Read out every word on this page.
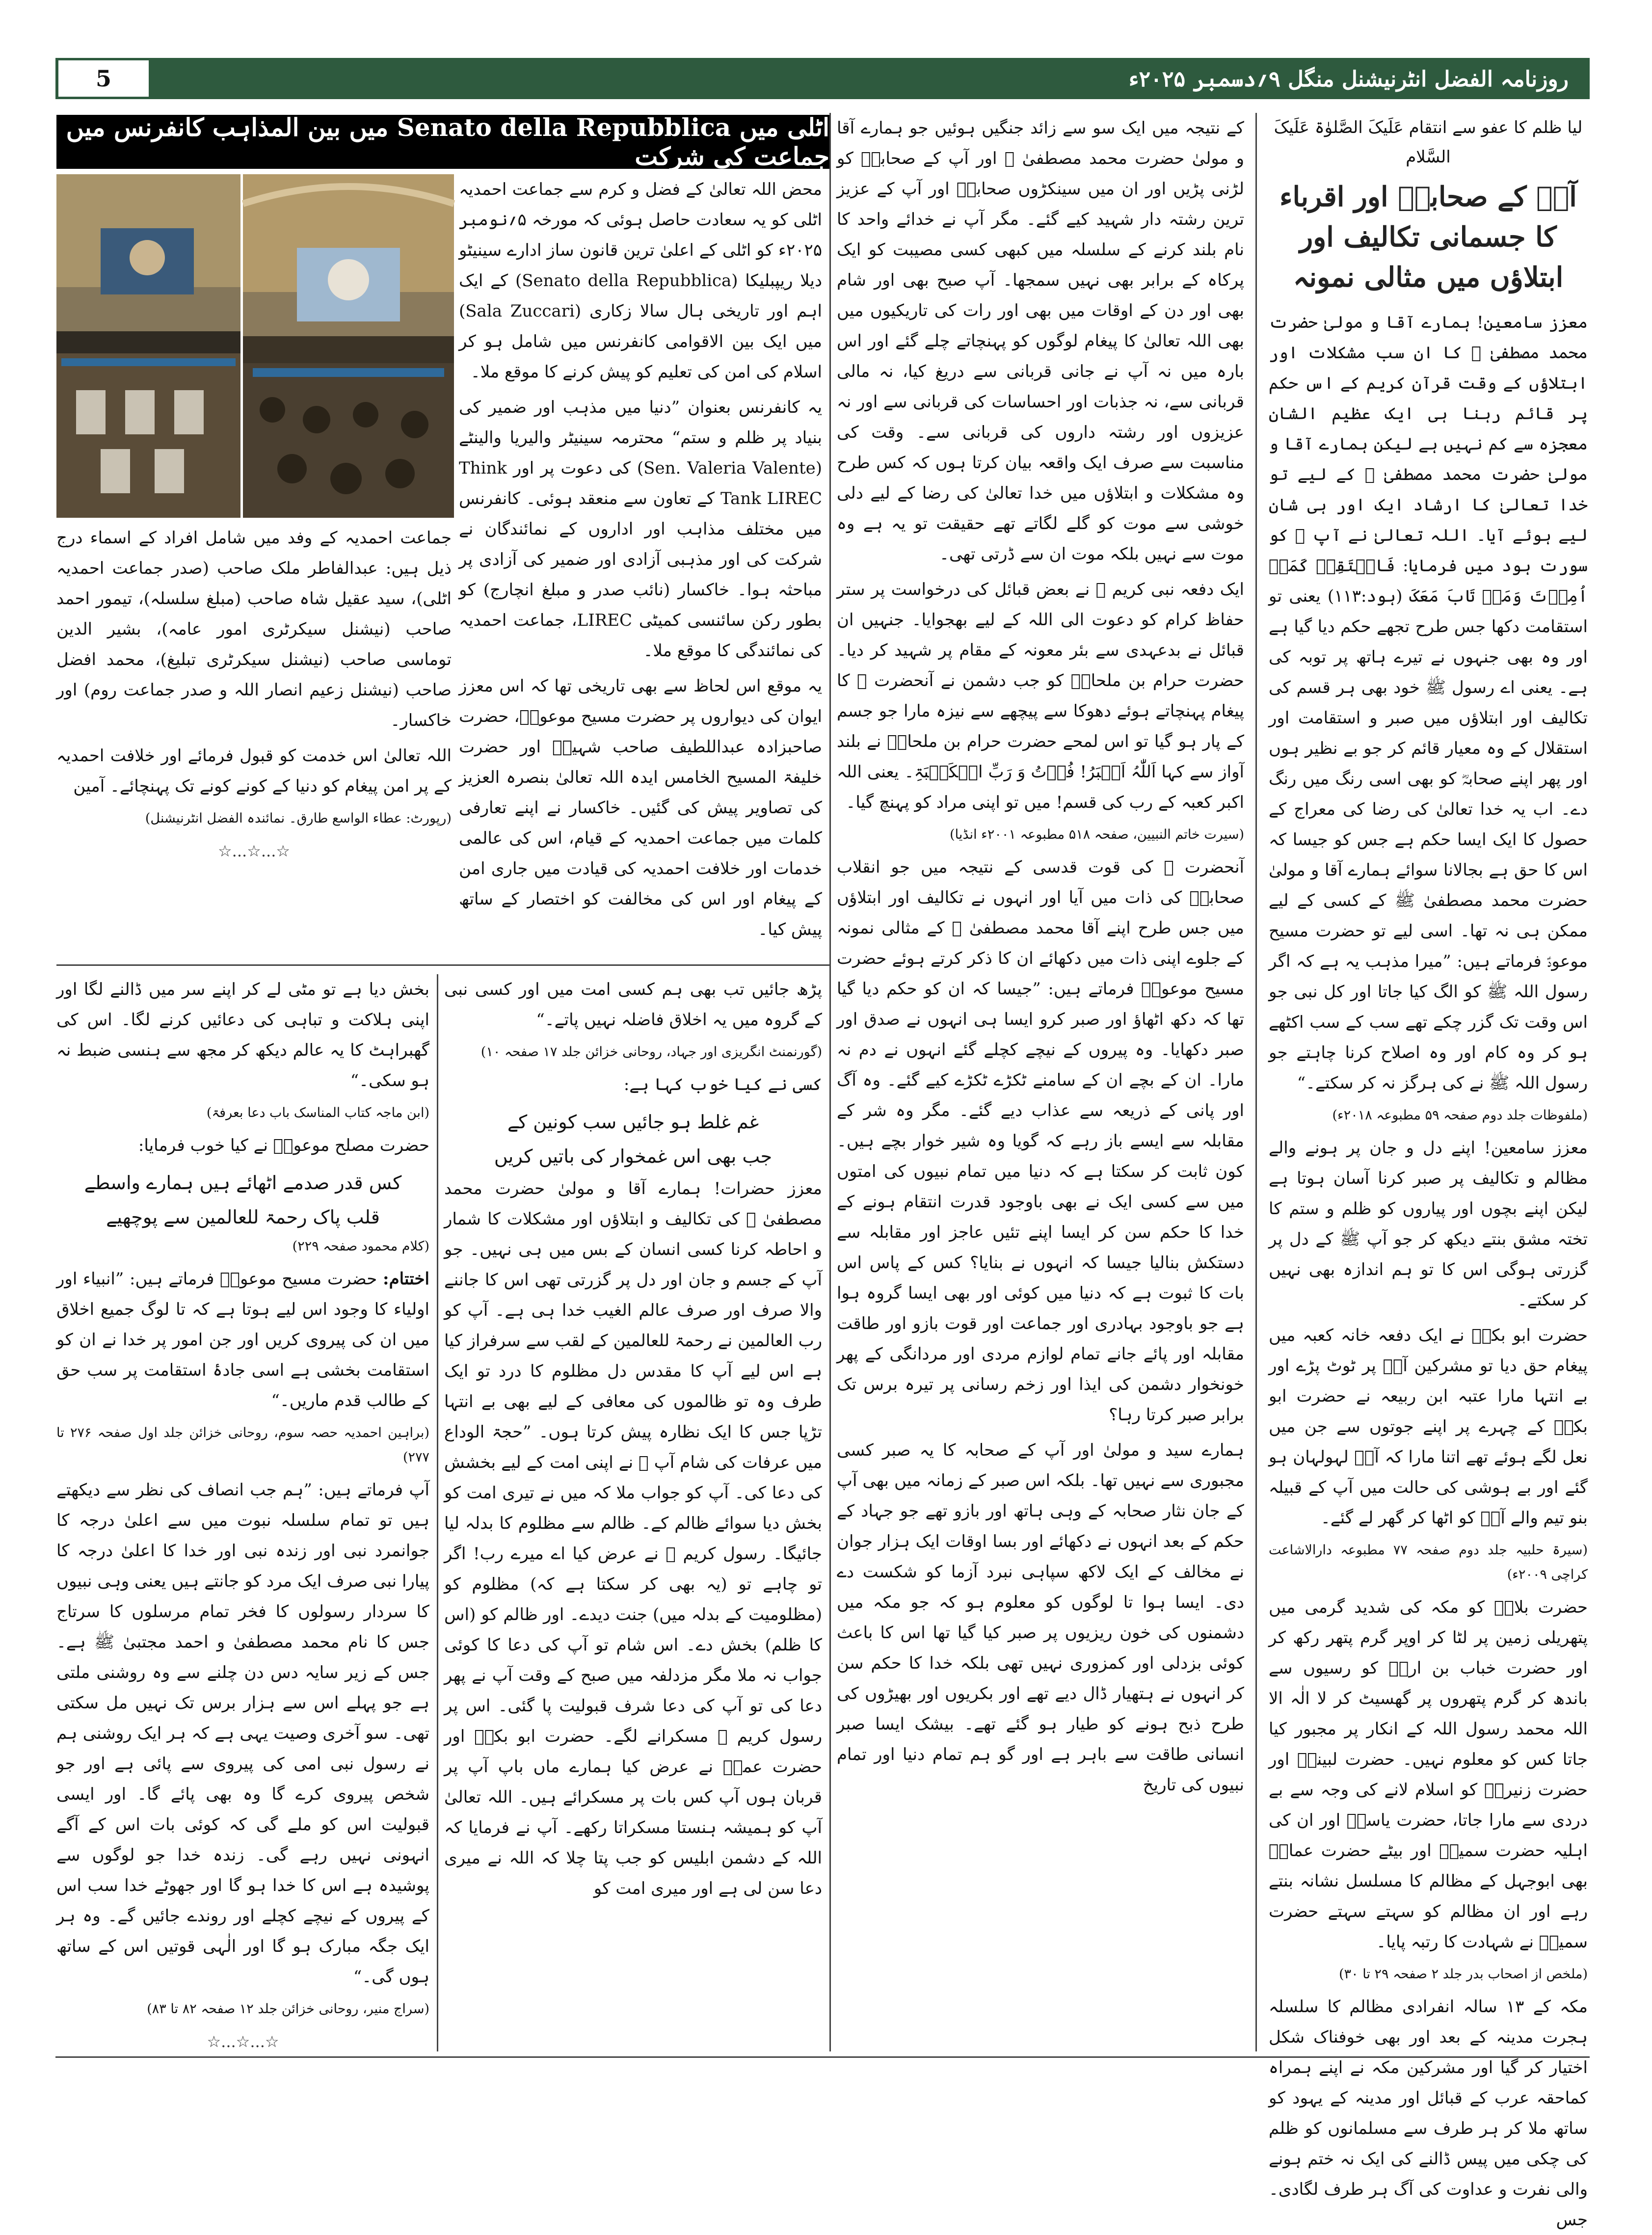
5	روزنامہ الفضل انٹرنیشنل منگل ۹؍دسمبر ۲۰۲۵ء

لیا ظلم کا عفو سے انتقام عَلَیکَ الصَّلوٰۃ عَلَیکَ السَّلام

آپؐ کے صحابہؓ اور اقرباء کا جسمانی تکالیف اور ابتلاؤں میں مثالی نمونہ

معزز سامعین! ہمارے آقا و مولیٰ حضرت محمد مصطفیٰ ﷺ کا ان سب مشکلات اور ابتلاؤں کے وقت قرآن کریم کے اس حکم پر قائم رہنا ہی ایک عظیم الشان معجزہ سے کم نہیں ہے لیکن ہمارے آقا و مولیٰ حضرت محمد مصطفیٰ ﷺ کے لیے تو خدا تعالیٰ کا ارشاد ایک اور ہی شان لیے ہوئے آیا۔ اللہ تعالیٰ نے آپ ﷺ کو سورت ہود میں فرمایا: فَاسۡتَقِمۡ کَمَاۤ اُمِرۡتَ وَمَنۡ تَابَ مَعَکَ (ہود:۱۱۳) یعنی تو استقامت دکھا جس طرح تجھے حکم دیا گیا ہے اور وہ بھی جنہوں نے تیرے ہاتھ پر توبہ کی ہے۔ یعنی اے رسول ﷺ خود بھی ہر قسم کی تکالیف اور ابتلاؤں میں صبر و استقامت اور استقلال کے وہ معیار قائم کر جو بے نظیر ہوں اور پھر اپنے صحابہؓ کو بھی اسی رنگ میں رنگ دے۔ اب یہ خدا تعالیٰ کی رضا کی معراج کے حصول کا ایک ایسا حکم ہے جس کو جیسا کہ اس کا حق ہے بجالانا سوائے ہمارے آقا و مولیٰ حضرت محمد مصطفیٰ ﷺ کے کسی کے لیے ممکن ہی نہ تھا۔ اسی لیے تو حضرت مسیح موعودؑ فرماتے ہیں: ”میرا مذہب یہ ہے کہ اگر رسول اللہ ﷺ کو الگ کیا جاتا اور کل نبی جو اس وقت تک گزر چکے تھے سب کے سب اکٹھے ہو کر وہ کام اور وہ اصلاح کرنا چاہتے جو رسول اللہ ﷺ نے کی ہرگز نہ کر سکتے۔“

(ملفوظات جلد دوم صفحہ ۵۹ مطبوعہ ۲۰۱۸ء)

معزز سامعین! اپنے دل و جان پر ہونے والے مظالم و تکالیف پر صبر کرنا آسان ہوتا ہے لیکن اپنے بچوں اور پیاروں کو ظلم و ستم کا تختہ مشق بنتے دیکھ کر جو آپ ﷺ کے دل پر گزرتی ہوگی اس کا تو ہم اندازہ بھی نہیں کر سکتے۔

حضرت ابو بکرؓ نے ایک دفعہ خانہ کعبہ میں پیغام حق دیا تو مشرکین آپؓ پر ٹوٹ پڑے اور بے انتہا مارا عتبہ ابن ربیعہ نے حضرت ابو بکرؓ کے چہرے پر اپنے جوتوں سے جن میں نعل لگے ہوئے تھے اتنا مارا کہ آپؓ لہولہان ہو گئے اور بے ہوشی کی حالت میں آپ کے قبیلہ بنو تیم والے آپؓ کو اٹھا کر گھر لے گئے۔

(سیرۃ حلبیہ جلد دوم صفحہ ۷۷ مطبوعہ دارالاشاعت کراچی ۲۰۰۹ء)

حضرت بلالؓ کو مکہ کی شدید گرمی میں پتھریلی زمین پر لٹا کر اوپر گرم پتھر رکھ کر اور حضرت خباب بن ارتؓ کو رسیوں سے باندھ کر گرم پتھروں پر گھسیٹ کر لا الٰہ الا اللہ محمد رسول اللہ کے انکار پر مجبور کیا جاتا کس کو معلوم نہیں۔ حضرت لبینہؓ اور حضرت زنیرہؓ کو اسلام لانے کی وجہ سے بے دردی سے مارا جاتا، حضرت یاسرؓ اور ان کی اہلیہ حضرت سمیہؓ اور بیٹے حضرت عمارؓ بھی ابوجہل کے مظالم کا مسلسل نشانہ بنتے رہے اور ان مظالم کو سہتے سہتے حضرت سمیہؓ نے شہادت کا رتبہ پایا۔

(ملخص از اصحاب بدر جلد ۲ صفحہ ۲۹ تا ۳۰)

مکہ کے ۱۳ سالہ انفرادی مظالم کا سلسلہ ہجرت مدینہ کے بعد اور بھی خوفناک شکل اختیار کر گیا اور مشرکین مکہ نے اپنے ہمراہ کماحقہ عرب کے قبائل اور مدینہ کے یہود کو ساتھ ملا کر ہر طرف سے مسلمانوں کو ظلم کی چکی میں پیس ڈالنے کی ایک نہ ختم ہونے والی نفرت و عداوت کی آگ ہر طرف لگادی۔ جس

کے نتیجہ میں ایک سو سے زائد جنگیں ہوئیں جو ہمارے آقا و مولیٰ حضرت محمد مصطفیٰ ﷺ اور آپ کے صحابہؓ کو لڑنی پڑیں اور ان میں سینکڑوں صحابہؓ اور آپ کے عزیز ترین رشتہ دار شہید کیے گئے۔ مگر آپ نے خدائے واحد کا نام بلند کرنے کے سلسلہ میں کبھی کسی مصیبت کو ایک پرکاہ کے برابر بھی نہیں سمجھا۔ آپ صبح بھی اور شام بھی اور دن کے اوقات میں بھی اور رات کی تاریکیوں میں بھی اللہ تعالیٰ کا پیغام لوگوں کو پہنچاتے چلے گئے اور اس بارہ میں نہ آپ نے جانی قربانی سے دریغ کیا، نہ مالی قربانی سے، نہ جذبات اور احساسات کی قربانی سے اور نہ عزیزوں اور رشتہ داروں کی قربانی سے۔ وقت کی مناسبت سے صرف ایک واقعہ بیان کرتا ہوں کہ کس طرح وہ مشکلات و ابتلاؤں میں خدا تعالیٰ کی رضا کے لیے دلی خوشی سے موت کو گلے لگاتے تھے حقیقت تو یہ ہے وہ موت سے نہیں بلکہ موت ان سے ڈرتی تھی۔

ایک دفعہ نبی کریم ﷺ نے بعض قبائل کی درخواست پر ستر حفاظ کرام کو دعوت الی اللہ کے لیے بھجوایا۔ جنہیں ان قبائل نے بدعہدی سے بئر معونہ کے مقام پر شہید کر دیا۔ حضرت حرام بن ملحانؓ کو جب دشمن نے آنحضرت ﷺ کا پیغام پہنچاتے ہوئے دھوکا سے پیچھے سے نیزہ مارا جو جسم کے پار ہو گیا تو اس لمحے حضرت حرام بن ملحانؓ نے بلند آواز سے کہا اَللّٰہُ اَکۡبَرُ! فُزۡتُ وَ رَبِّ الۡکَعۡبَۃِ۔ یعنی اللہ اکبر کعبہ کے رب کی قسم! میں تو اپنی مراد کو پہنچ گیا۔

(سیرت خاتم النبیین، صفحہ ۵۱۸ مطبوعہ ۲۰۰۱ء انڈیا)

آنحضرت ﷺ کی قوت قدسی کے نتیجہ میں جو انقلاب صحابہؓ کی ذات میں آیا اور انہوں نے تکالیف اور ابتلاؤں میں جس طرح اپنے آقا محمد مصطفیٰ ﷺ کے مثالی نمونہ کے جلوے اپنی ذات میں دکھائے ان کا ذکر کرتے ہوئے حضرت مسیح موعودؑ فرماتے ہیں: ”جیسا کہ ان کو حکم دیا گیا تھا کہ دکھ اٹھاؤ اور صبر کرو ایسا ہی انہوں نے صدق اور صبر دکھایا۔ وہ پیروں کے نیچے کچلے گئے انہوں نے دم نہ مارا۔ ان کے بچے ان کے سامنے ٹکڑے ٹکڑے کیے گئے۔ وہ آگ اور پانی کے ذریعہ سے عذاب دیے گئے۔ مگر وہ شر کے مقابلہ سے ایسے باز رہے کہ گویا وہ شیر خوار بچے ہیں۔ کون ثابت کر سکتا ہے کہ دنیا میں تمام نبیوں کی امتوں میں سے کسی ایک نے بھی باوجود قدرت انتقام ہونے کے خدا کا حکم سن کر ایسا اپنے تئیں عاجز اور مقابلہ سے دستکش بنالیا جیسا کہ انہوں نے بنایا؟ کس کے پاس اس بات کا ثبوت ہے کہ دنیا میں کوئی اور بھی ایسا گروہ ہوا ہے جو باوجود بہادری اور جماعت اور قوت بازو اور طاقت مقابلہ اور پائے جانے تمام لوازم مردی اور مردانگی کے پھر خونخوار دشمن کی ایذا اور زخم رسانی پر تیرہ برس تک برابر صبر کرتا رہا؟

ہمارے سید و مولیٰ اور آپ کے صحابہ کا یہ صبر کسی مجبوری سے نہیں تھا۔ بلکہ اس صبر کے زمانہ میں بھی آپ کے جان نثار صحابہ کے وہی ہاتھ اور بازو تھے جو جہاد کے حکم کے بعد انہوں نے دکھائے اور بسا اوقات ایک ہزار جوان نے مخالف کے ایک لاکھ سپاہی نبرد آزما کو شکست دے دی۔ ایسا ہوا تا لوگوں کو معلوم ہو کہ جو مکہ میں دشمنوں کی خون ریزیوں پر صبر کیا گیا تھا اس کا باعث کوئی بزدلی اور کمزوری نہیں تھی بلکہ خدا کا حکم سن کر انہوں نے ہتھیار ڈال دیے تھے اور بکریوں اور بھیڑوں کی طرح ذبح ہونے کو طیار ہو گئے تھے۔ بیشک ایسا صبر انسانی طاقت سے باہر ہے اور گو ہم تمام دنیا اور تمام نبیوں کی تاریخ

اٹلی میں Senato della Repubblica میں بین المذاہب کانفرنس میں جماعت کی شرکت

محض اللہ تعالیٰ کے فضل و کرم سے جماعت احمدیہ اٹلی کو یہ سعادت حاصل ہوئی کہ مورخہ ۵؍نومبر ۲۰۲۵ء کو اٹلی کے اعلیٰ ترین قانون ساز ادارے سینیٹو دیلا ریپبلیکا (Senato della Repubblica) کے ایک اہم اور تاریخی ہال سالا زکاری (Sala Zuccari) میں ایک بین الاقوامی کانفرنس میں شامل ہو کر اسلام کی امن کی تعلیم کو پیش کرنے کا موقع ملا۔

یہ کانفرنس بعنوان ”دنیا میں مذہب اور ضمیر کی بنیاد پر ظلم و ستم“ محترمہ سینیٹر والیریا والینٹے (Sen. Valeria Valente) کی دعوت پر اور Think Tank LIREC کے تعاون سے منعقد ہوئی۔ کانفرنس میں مختلف مذاہب اور اداروں کے نمائندگان نے شرکت کی اور مذہبی آزادی اور ضمیر کی آزادی پر مباحثہ ہوا۔ خاکسار (نائب صدر و مبلغ انچارج) کو بطور رکن سائنسی کمیٹی LIREC، جماعت احمدیہ کی نمائندگی کا موقع ملا۔

یہ موقع اس لحاظ سے بھی تاریخی تھا کہ اس معزز ایوان کی دیواروں پر حضرت مسیح موعودؑ، حضرت صاحبزادہ عبداللطیف صاحب شہیدؓ اور حضرت خلیفۃ المسیح الخامس ایدہ اللہ تعالیٰ بنصرہ العزیز کی تصاویر پیش کی گئیں۔ خاکسار نے اپنے تعارفی کلمات میں جماعت احمدیہ کے قیام، اس کی عالمی خدمات اور خلافت احمدیہ کی قیادت میں جاری امن کے پیغام اور اس کی مخالفت کو اختصار کے ساتھ پیش کیا۔

جماعت احمدیہ کے وفد میں شامل افراد کے اسماء درج ذیل ہیں: عبدالفاطر ملک صاحب (صدر جماعت احمدیہ اٹلی)، سید عقیل شاہ صاحب (مبلغ سلسلہ)، تیمور احمد صاحب (نیشنل سیکرٹری امور عامہ)، بشیر الدین توماسی صاحب (نیشنل سیکرٹری تبلیغ)، محمد افضل صاحب (نیشنل زعیم انصار اللہ و صدر جماعت روم) اور خاکسار۔

اللہ تعالیٰ اس خدمت کو قبول فرمائے اور خلافت احمدیہ کے پر امن پیغام کو دنیا کے کونے کونے تک پہنچائے۔ آمین

(رپورٹ: عطاء الواسع طارق۔ نمائندہ الفضل انٹرنیشنل)

☆...☆...☆

پڑھ جائیں تب بھی ہم کسی امت میں اور کسی نبی کے گروہ میں یہ اخلاق فاضلہ نہیں پاتے۔“

(گورنمنٹ انگریزی اور جہاد، روحانی خزائن جلد ۱۷ صفحہ ۱۰)

کسی نے کیا خوب کہا ہے:

غم غلط ہو جائیں سب کونین کے
جب بھی اس غمخوار کی باتیں کریں

معزز حضرات! ہمارے آقا و مولیٰ حضرت محمد مصطفیٰ ﷺ کی تکالیف و ابتلاؤں اور مشکلات کا شمار و احاطہ کرنا کسی انسان کے بس میں ہی نہیں۔ جو آپ کے جسم و جان اور دل پر گزرتی تھی اس کا جاننے والا صرف اور صرف عالم الغیب خدا ہی ہے۔ آپ کو رب العالمین نے رحمۃ للعالمین کے لقب سے سرفراز کیا ہے اس لیے آپ کا مقدس دل مظلوم کا درد تو ایک طرف وہ تو ظالموں کی معافی کے لیے بھی بے انتہا تڑپا جس کا ایک نظارہ پیش کرتا ہوں۔ ”حجۃ الوداع میں عرفات کی شام آپ ﷺ نے اپنی امت کے لیے بخشش کی دعا کی۔ آپ کو جواب ملا کہ میں نے تیری امت کو بخش دیا سوائے ظالم کے۔ ظالم سے مظلوم کا بدلہ لیا جائیگا۔ رسول کریم ﷺ نے عرض کیا اے میرے رب! اگر تو چاہے تو (یہ بھی کر سکتا ہے کہ) مظلوم کو (مظلومیت کے بدلہ میں) جنت دیدے۔ اور ظالم کو (اس کا ظلم) بخش دے۔ اس شام تو آپ کی دعا کا کوئی جواب نہ ملا مگر مزدلفہ میں صبح کے وقت آپ نے پھر دعا کی تو آپ کی دعا شرف قبولیت پا گئی۔ اس پر رسول کریم ﷺ مسکرانے لگے۔ حضرت ابو بکرؓ اور حضرت عمرؓ نے عرض کیا ہمارے ماں باپ آپ پر قربان ہوں آپ کس بات پر مسکرائے ہیں۔ اللہ تعالیٰ آپ کو ہمیشہ ہنستا مسکراتا رکھے۔ آپ نے فرمایا کہ اللہ کے دشمن ابلیس کو جب پتا چلا کہ اللہ نے میری دعا سن لی ہے اور میری امت کو

بخش دیا ہے تو مٹی لے کر اپنے سر میں ڈالنے لگا اور اپنی ہلاکت و تباہی کی دعائیں کرنے لگا۔ اس کی گھبراہٹ کا یہ عالم دیکھ کر مجھ سے ہنسی ضبط نہ ہو سکی۔“

(ابن ماجہ کتاب المناسک باب دعا بعرفۃ)

حضرت مصلح موعودؓ نے کیا خوب فرمایا:

کس قدر صدمے اٹھائے ہیں ہمارے واسطے
قلب پاک رحمۃ للعالمین سے پوچھیے

(کلام محمود صفحہ ۲۲۹)

اختتام: حضرت مسیح موعودؑ فرماتے ہیں: ”انبیاء اور اولیاء کا وجود اس لیے ہوتا ہے کہ تا لوگ جمیع اخلاق میں ان کی پیروی کریں اور جن امور پر خدا نے ان کو استقامت بخشی ہے اسی جادۂ استقامت پر سب حق کے طالب قدم ماریں۔“

(براہین احمدیہ حصہ سوم، روحانی خزائن جلد اول صفحہ ۲۷۶ تا ۲۷۷)

آپ فرماتے ہیں: ”ہم جب انصاف کی نظر سے دیکھتے ہیں تو تمام سلسلہ نبوت میں سے اعلیٰ درجہ کا جوانمرد نبی اور زندہ نبی اور خدا کا اعلیٰ درجہ کا پیارا نبی صرف ایک مرد کو جانتے ہیں یعنی وہی نبیوں کا سردار رسولوں کا فخر تمام مرسلوں کا سرتاج جس کا نام محمد مصطفیٰ و احمد مجتبیٰ ﷺ ہے۔ جس کے زیر سایہ دس دن چلنے سے وہ روشنی ملتی ہے جو پہلے اس سے ہزار برس تک نہیں مل سکتی تھی۔ سو آخری وصیت یہی ہے کہ ہر ایک روشنی ہم نے رسول نبی امی کی پیروی سے پائی ہے اور جو شخص پیروی کرے گا وہ بھی پائے گا۔ اور ایسی قبولیت اس کو ملے گی کہ کوئی بات اس کے آگے انہونی نہیں رہے گی۔ زندہ خدا جو لوگوں سے پوشیدہ ہے اس کا خدا ہو گا اور جھوٹے خدا سب اس کے پیروں کے نیچے کچلے اور روندے جائیں گے۔ وہ ہر ایک جگہ مبارک ہو گا اور الٰہی قوتیں اس کے ساتھ ہوں گی۔“

(سراج منیر، روحانی خزائن جلد ۱۲ صفحہ ۸۲ تا ۸۳)

☆...☆...☆
